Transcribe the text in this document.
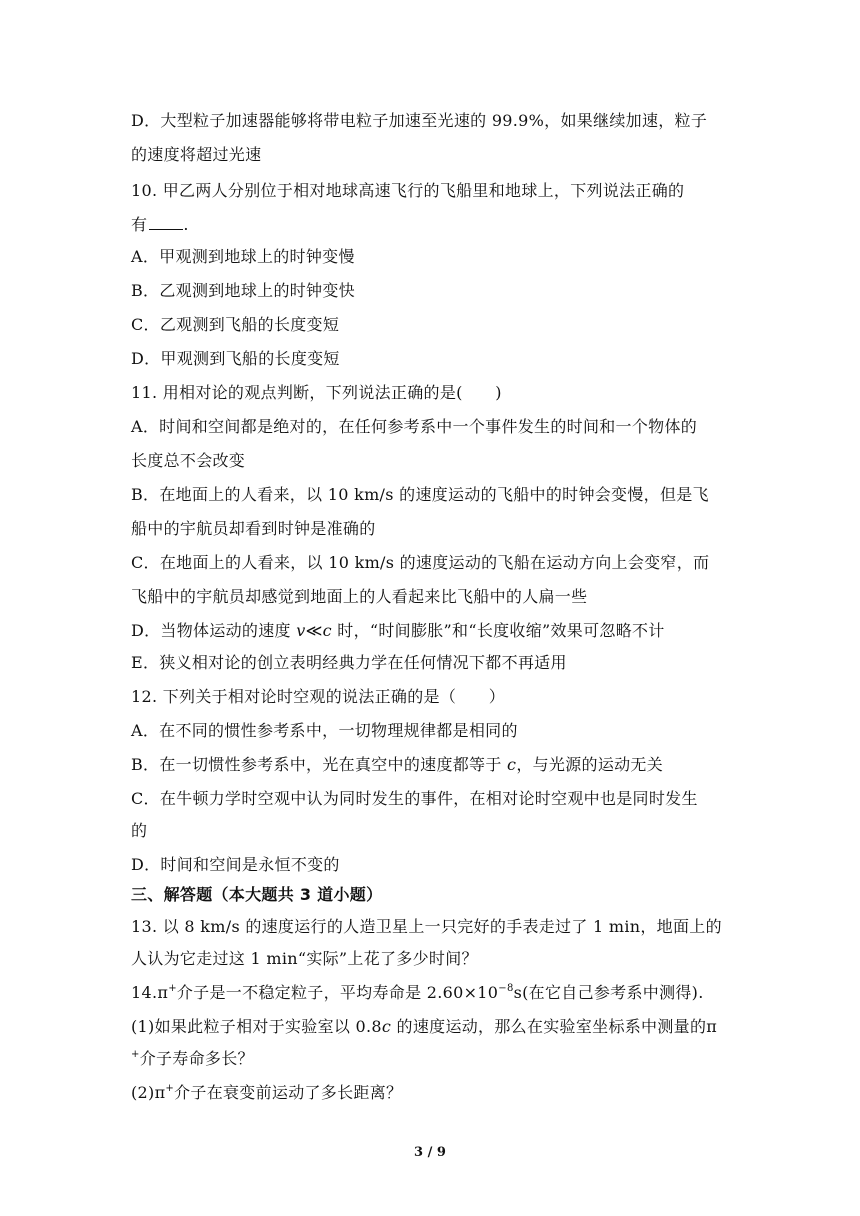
D．大型粒子加速器能够将带电粒子加速至光速的 99.9%，如果继续加速，粒子
的速度将超过光速
10. 甲乙两人分别位于相对地球高速飞行的飞船里和地球上，下列说法正确的
有 .
A．甲观测到地球上的时钟变慢
B．乙观测到地球上的时钟变快
C．乙观测到飞船的长度变短
D．甲观测到飞船的长度变短
11. 用相对论的观点判断，下列说法正确的是(　　)
A．时间和空间都是绝对的，在任何参考系中一个事件发生的时间和一个物体的
长度总不会改变
B．在地面上的人看来，以 10 km/s 的速度运动的飞船中的时钟会变慢，但是飞
船中的宇航员却看到时钟是准确的
C．在地面上的人看来，以 10 km/s 的速度运动的飞船在运动方向上会变窄，而
飞船中的宇航员却感觉到地面上的人看起来比飞船中的人扁一些
D．当物体运动的速度 v≪c 时，“时间膨胀”和“长度收缩”效果可忽略不计
E．狭义相对论的创立表明经典力学在任何情况下都不再适用
12. 下列关于相对论时空观的说法正确的是（　　）
A．在不同的惯性参考系中，一切物理规律都是相同的
B．在一切惯性参考系中，光在真空中的速度都等于 c，与光源的运动无关
C．在牛顿力学时空观中认为同时发生的事件，在相对论时空观中也是同时发生
的
D．时间和空间是永恒不变的
三、解答题（本大题共 3 道小题）
13. 以 8 km/s 的速度运行的人造卫星上一只完好的手表走过了 1 min，地面上的
人认为它走过这 1 min“实际”上花了多少时间？
14.π+介子是一不稳定粒子，平均寿命是 $2.60\times 10^{-8}s$(在它自己参考系中测得).
(1)如果此粒子相对于实验室以 0.8c 的速度运动，那么在实验室坐标系中测量的π
+介子寿命多长？
(2)π+介子在衰变前运动了多长距离？
3 / 9
